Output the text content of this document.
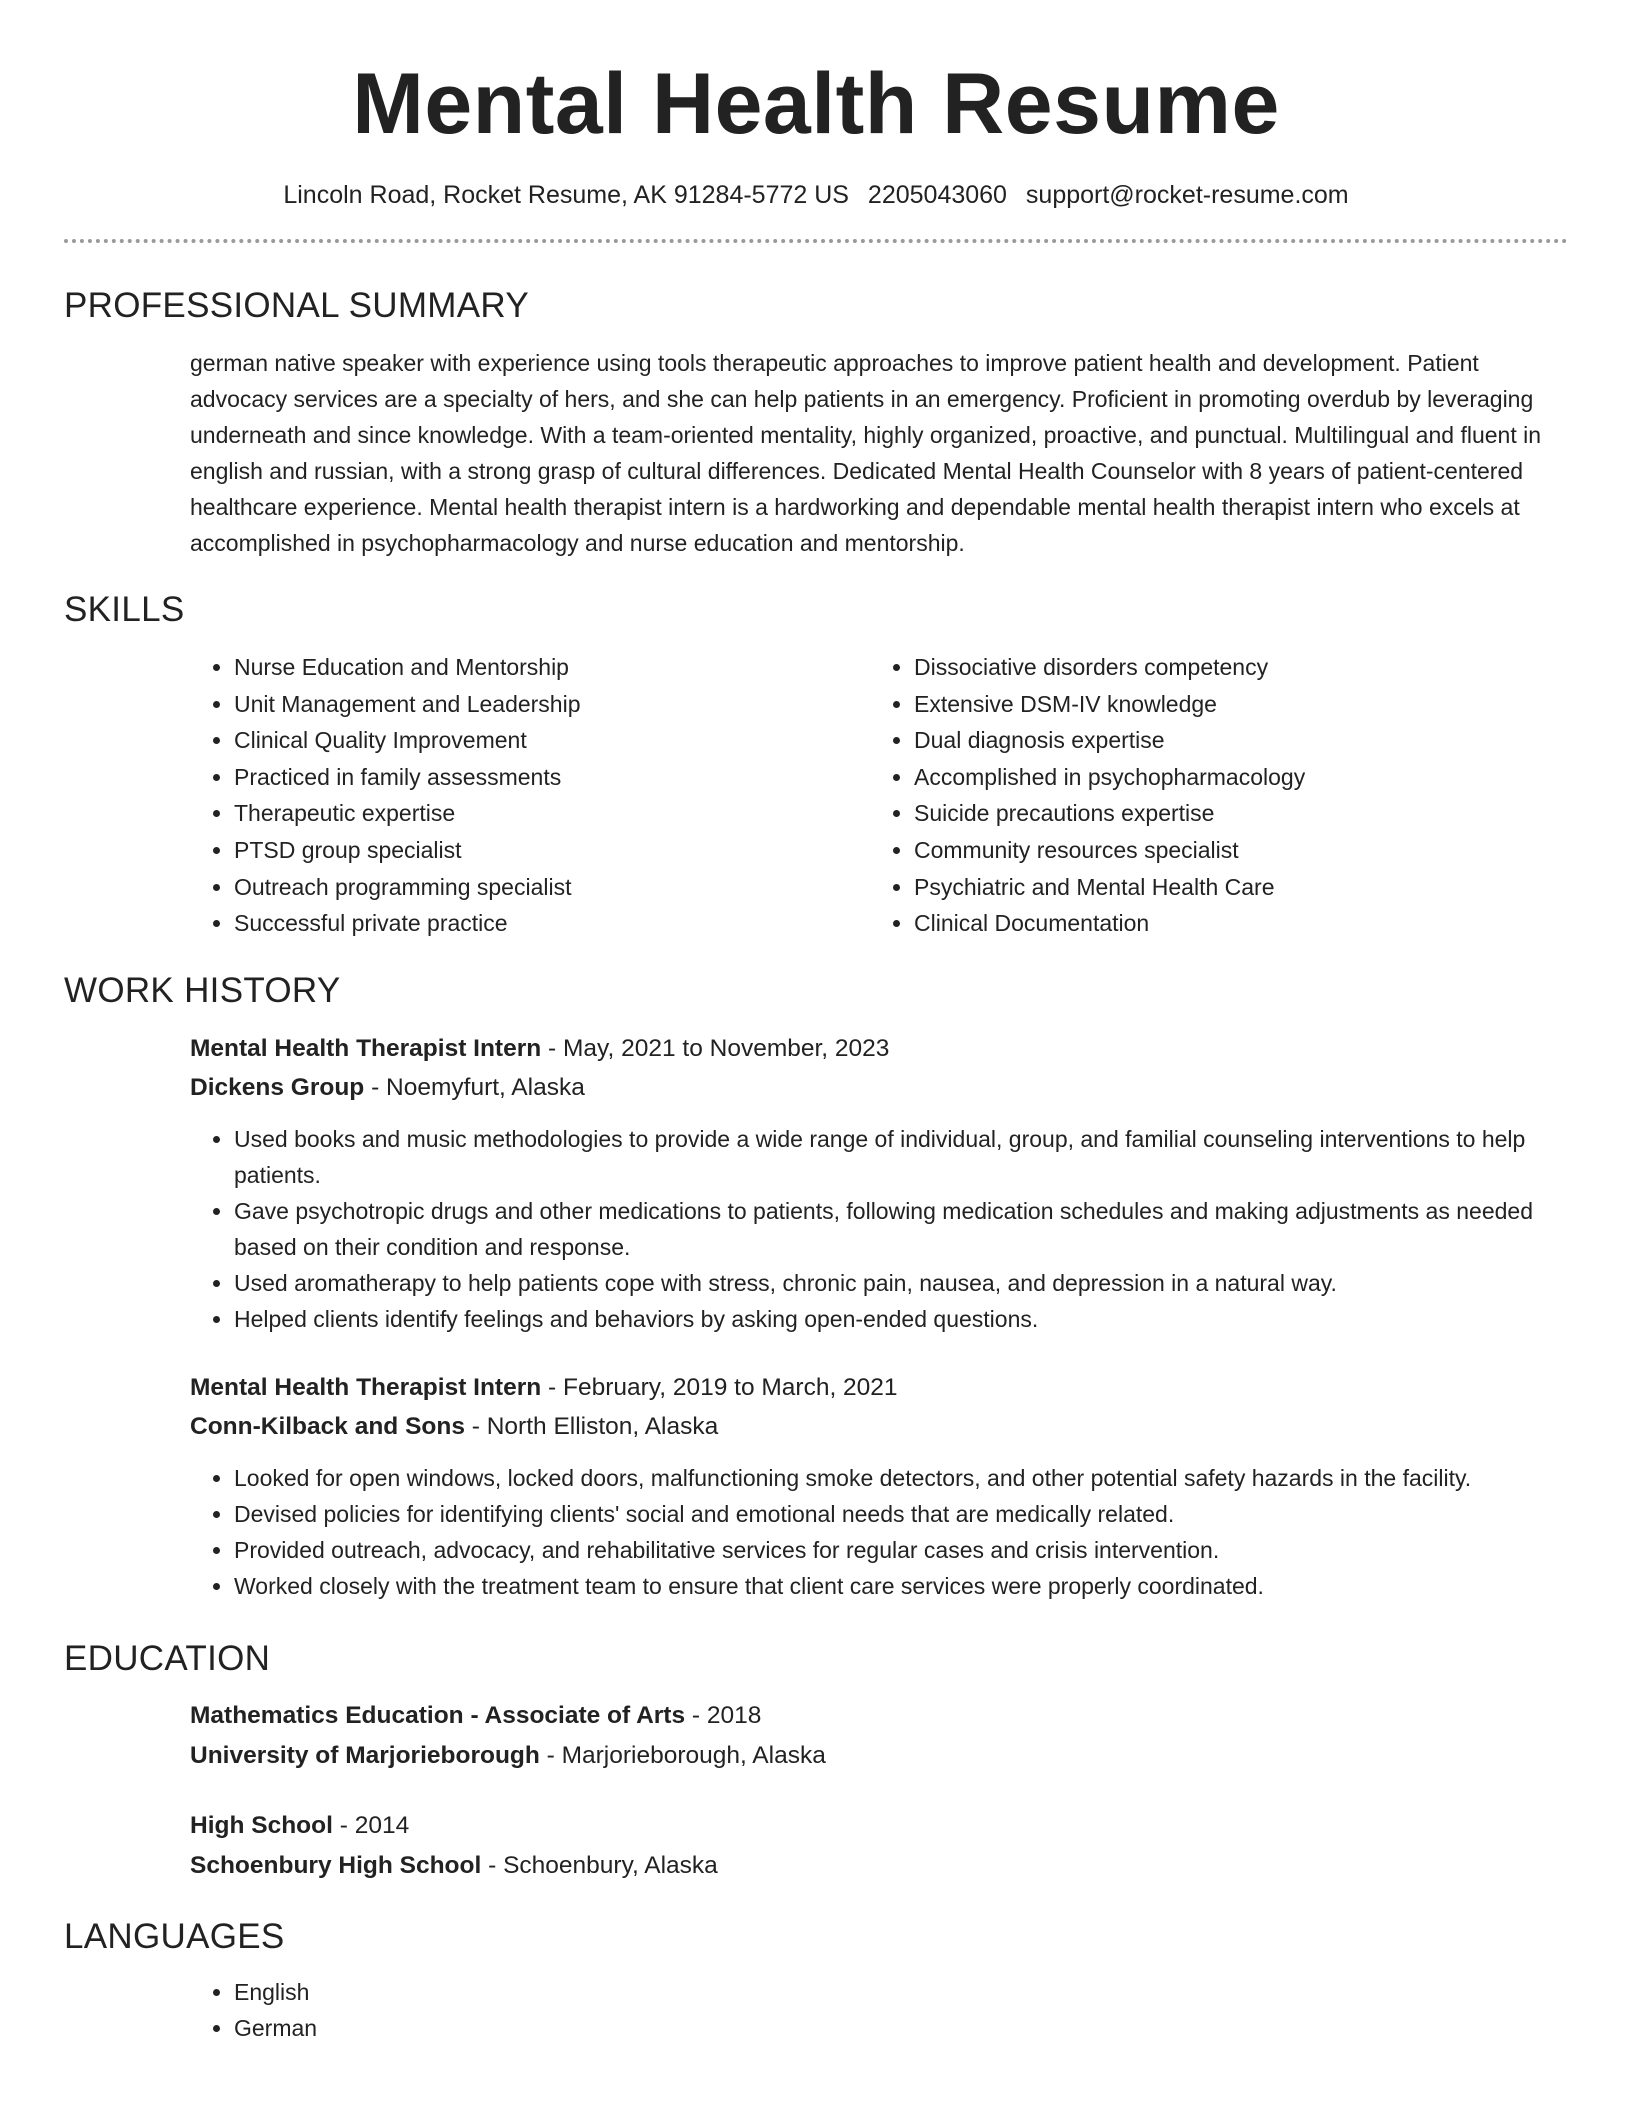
Mental Health Resume
Lincoln Road, Rocket Resume, AK 91284-5772 US 2205043060 support@rocket-resume.com
PROFESSIONAL SUMMARY
german native speaker with experience using tools therapeutic approaches to improve patient health and development. Patient advocacy services are a specialty of hers, and she can help patients in an emergency. Proficient in promoting overdub by leveraging underneath and since knowledge. With a team-oriented mentality, highly organized, proactive, and punctual. Multilingual and fluent in english and russian, with a strong grasp of cultural differences. Dedicated Mental Health Counselor with 8 years of patient-centered healthcare experience. Mental health therapist intern is a hardworking and dependable mental health therapist intern who excels at accomplished in psychopharmacology and nurse education and mentorship.
SKILLS
• Nurse Education and Mentorship
• Unit Management and Leadership
• Clinical Quality Improvement
• Practiced in family assessments
• Therapeutic expertise
• PTSD group specialist
• Outreach programming specialist
• Successful private practice
• Dissociative disorders competency
• Extensive DSM-IV knowledge
• Dual diagnosis expertise
• Accomplished in psychopharmacology
• Suicide precautions expertise
• Community resources specialist
• Psychiatric and Mental Health Care
• Clinical Documentation
WORK HISTORY
Mental Health Therapist Intern - May, 2021 to November, 2023
Dickens Group - Noemyfurt, Alaska
• Used books and music methodologies to provide a wide range of individual, group, and familial counseling interventions to help patients.
• Gave psychotropic drugs and other medications to patients, following medication schedules and making adjustments as needed based on their condition and response.
• Used aromatherapy to help patients cope with stress, chronic pain, nausea, and depression in a natural way.
• Helped clients identify feelings and behaviors by asking open-ended questions.
Mental Health Therapist Intern - February, 2019 to March, 2021
Conn-Kilback and Sons - North Elliston, Alaska
• Looked for open windows, locked doors, malfunctioning smoke detectors, and other potential safety hazards in the facility.
• Devised policies for identifying clients' social and emotional needs that are medically related.
• Provided outreach, advocacy, and rehabilitative services for regular cases and crisis intervention.
• Worked closely with the treatment team to ensure that client care services were properly coordinated.
EDUCATION
Mathematics Education - Associate of Arts - 2018
University of Marjorieborough - Marjorieborough, Alaska
High School - 2014
Schoenbury High School - Schoenbury, Alaska
LANGUAGES
• English
• German
